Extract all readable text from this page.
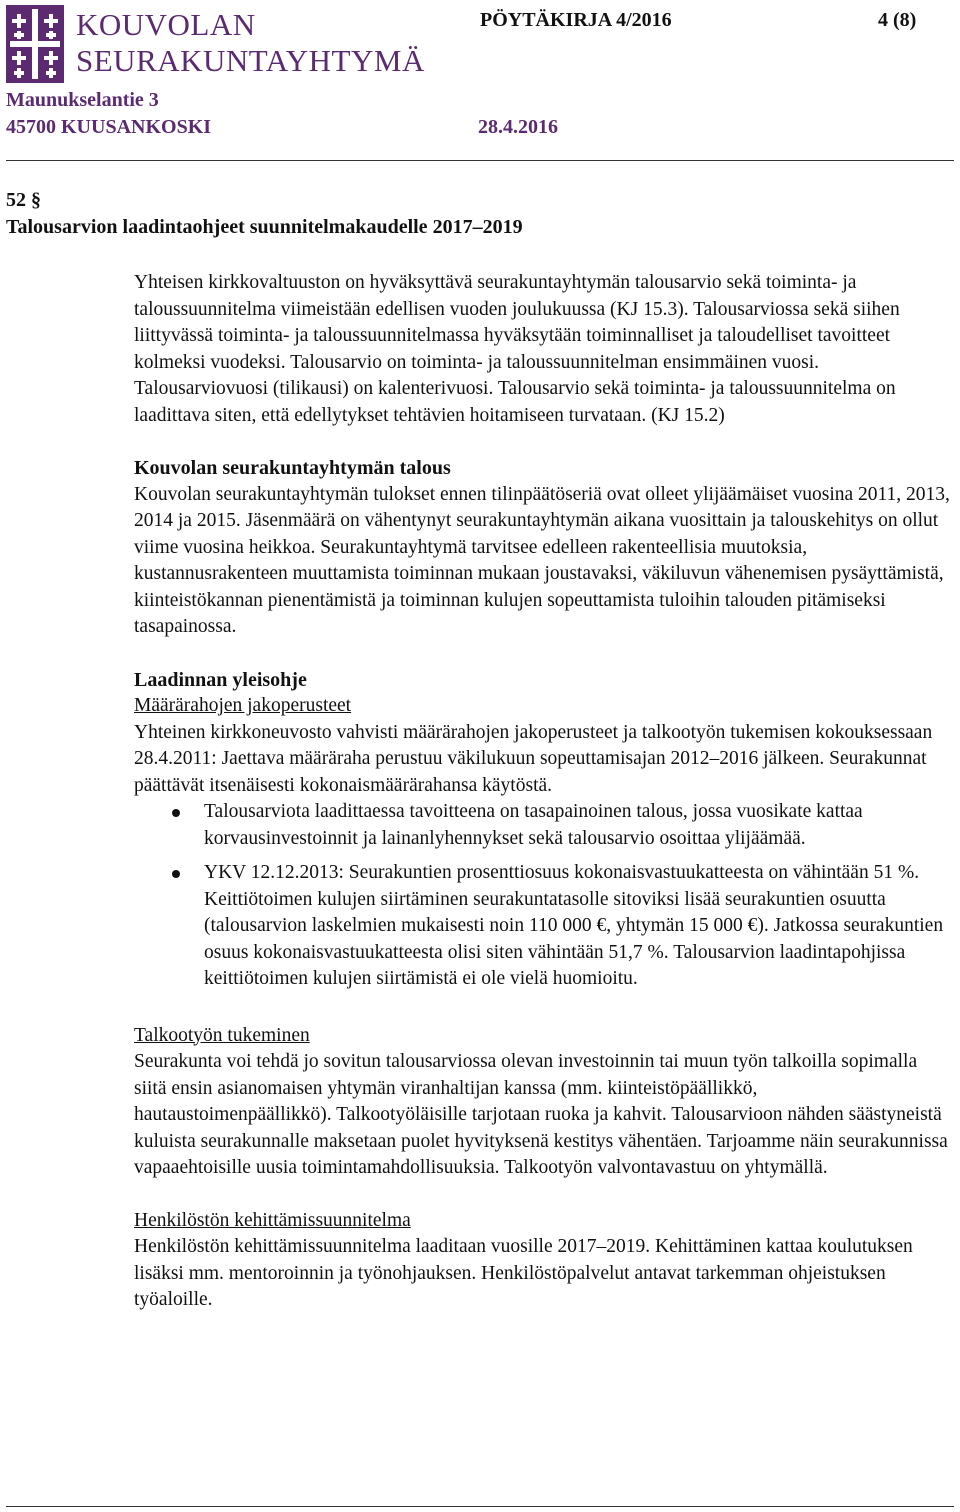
KOUVOLAN
SEURAKUNTAYHTYMÄ
PÖYTÄKIRJA 4/2016	4 (8)
Maunukselantie 3
45700 KUUSANKOSKI	28.4.2016
52 §
Talousarvion laadintaohjeet suunnitelmakaudelle 2017–2019

Yhteisen kirkkovaltuuston on hyväksyttävä seurakuntayhtymän talousarvio sekä toiminta- ja taloussuunnitelma viimeistään edellisen vuoden joulukuussa (KJ 15.3). Talousarviossa sekä siihen liittyvässä toiminta- ja taloussuunnitelmassa hyväksytään toiminnalliset ja taloudelliset tavoitteet kolmeksi vuodeksi. Talousarvio on toiminta- ja taloussuunnitelman ensimmäinen vuosi. Talousarviovuosi (tilikausi) on kalenterivuosi. Talousarvio sekä toiminta- ja taloussuunnitelma on laadittava siten, että edellytykset tehtävien hoitamiseen turvataan. (KJ 15.2)

Kouvolan seurakuntayhtymän talous

Kouvolan seurakuntayhtymän tulokset ennen tilinpäätöseriä ovat olleet ylijäämäiset vuosina 2011, 2013, 2014 ja 2015. Jäsenmäärä on vähentynyt seurakuntayhtymän aikana vuosittain ja talouskehitys on ollut viime vuosina heikkoa. Seurakuntayhtymä tarvitsee edelleen rakenteellisia muutoksia, kustannusrakenteen muuttamista toiminnan mukaan joustavaksi, väkiluvun vähenemisen pysäyttämistä, kiinteistökannan pienentämistä ja toiminnan kulujen sopeuttamista tuloihin talouden pitämiseksi tasapainossa.

Laadinnan yleisohje
Määrärahojen jakoperusteet

Yhteinen kirkkoneuvosto vahvisti määrärahojen jakoperusteet ja talkootyön tukemisen kokouksessaan 28.4.2011: Jaettava määräraha perustuu väkilukuun sopeuttamisajan 2012–2016 jälkeen. Seurakunnat päättävät itsenäisesti kokonaismäärärahansa käytöstä.

Talousarviota laadittaessa tavoitteena on tasapainoinen talous, jossa vuosikate kattaa korvausinvestoinnit ja lainanlyhennykset sekä talousarvio osoittaa ylijäämää.
YKV 12.12.2013: Seurakuntien prosenttiosuus kokonaisvastuukatteesta on vähintään 51 %. Keittiötoimen kulujen siirtäminen seurakuntatasolle sitoviksi lisää seurakuntien osuutta (talousarvion laskelmien mukaisesti noin 110 000 €, yhtymän 15 000 €). Jatkossa seurakuntien osuus kokonaisvastuukatteesta olisi siten vähintään 51,7 %. Talousarvion laadintapohjissa keittiötoimen kulujen siirtämistä ei ole vielä huomioitu.
Talkootyön tukeminen

Seurakunta voi tehdä jo sovitun talousarviossa olevan investoinnin tai muun työn talkoilla sopimalla siitä ensin asianomaisen yhtymän viranhaltijan kanssa (mm. kiinteistöpäällikkö, hautaustoimenpäällikkö). Talkootyöläisille tarjotaan ruoka ja kahvit. Talousarvioon nähden säästyneistä kuluista seurakunnalle maksetaan puolet hyvityksenä kestitys vähentäen. Tarjoamme näin seurakunnissa vapaaehtoisille uusia toimintamahdollisuuksia. Talkootyön valvontavastuu on yhtymällä.

Henkilöstön kehittämissuunnitelma

Henkilöstön kehittämissuunnitelma laaditaan vuosille 2017–2019. Kehittäminen kattaa koulutuksen lisäksi mm. mentoroinnin ja työnohjauksen. Henkilöstöpalvelut antavat tarkemman ohjeistuksen työaloille.
